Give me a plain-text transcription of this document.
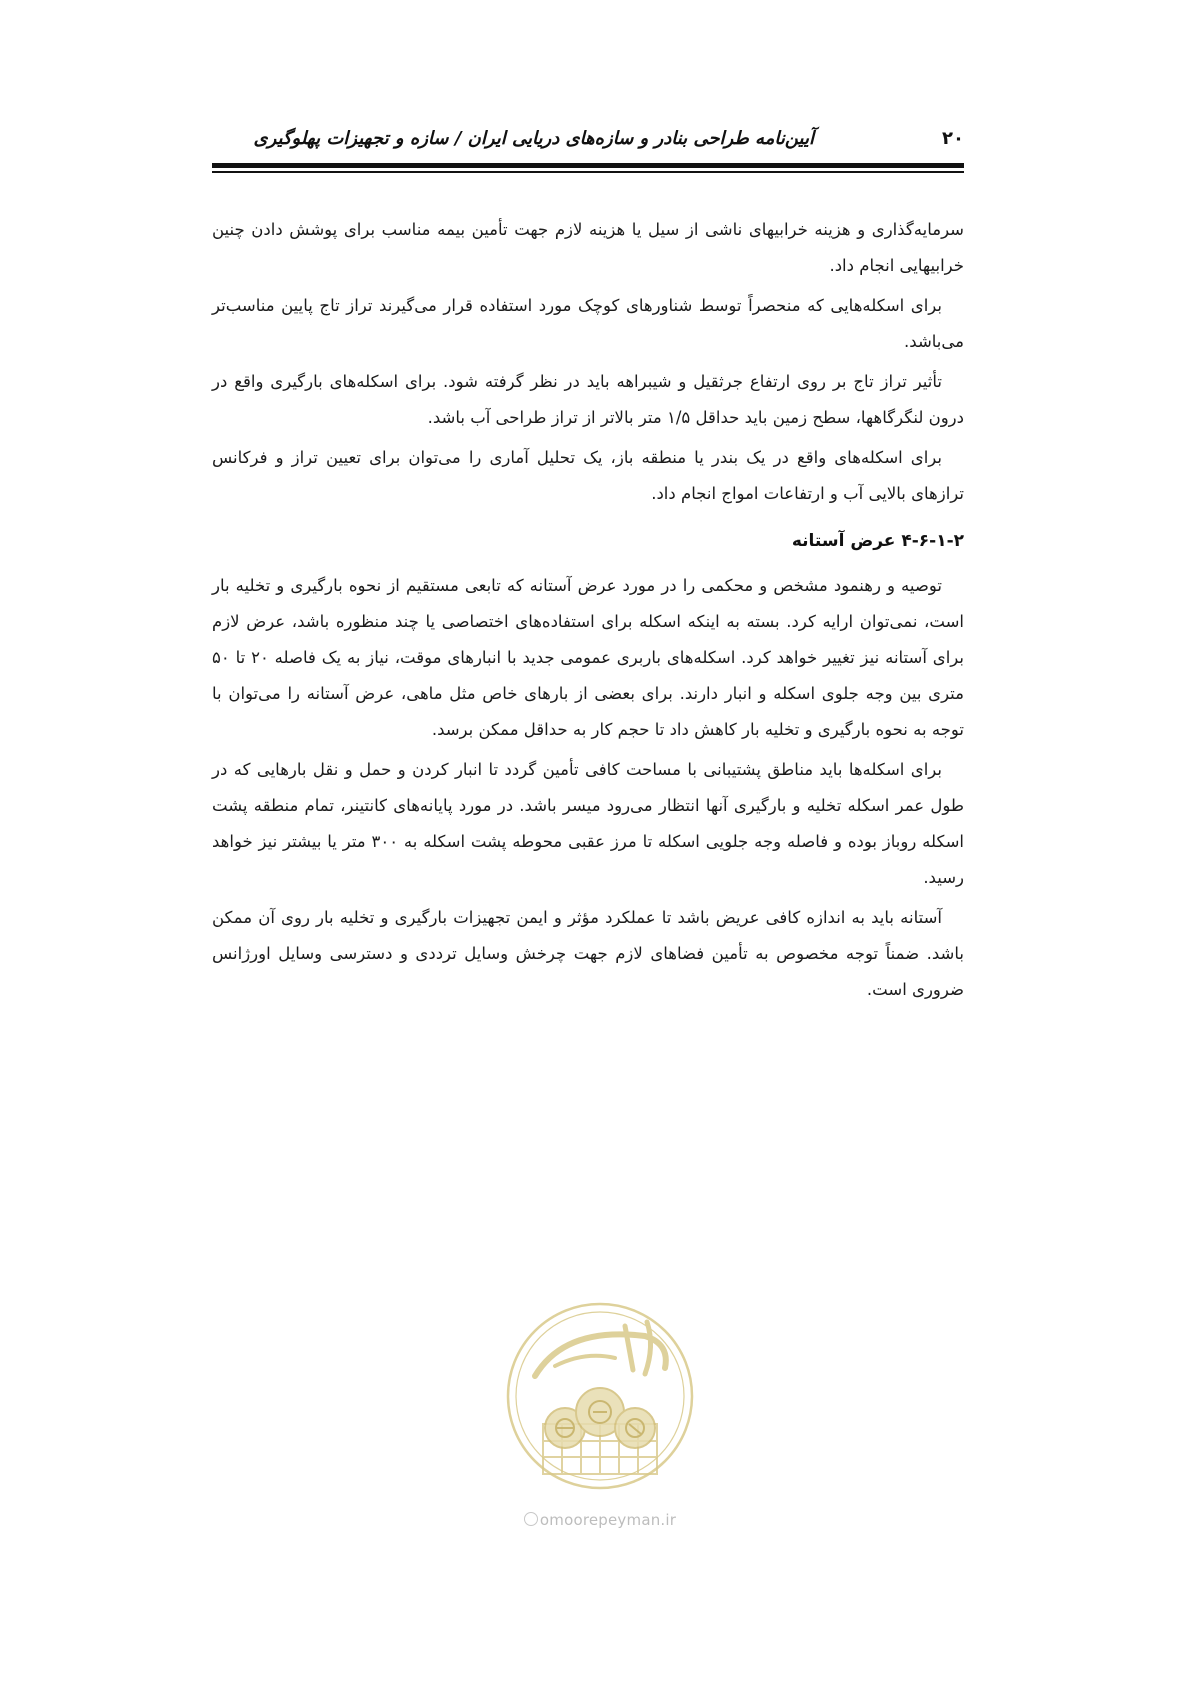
آیین‌نامه طراحی بنادر و سازه‌های دریایی ایران / سازه و تجهیزات پهلوگیری	۲۰

سرمایه‌گذاری و هزینه خرابیهای ناشی از سیل یا هزینه لازم جهت تأمین بیمه مناسب برای پوشش دادن چنین خرابیهایی انجام داد.

برای اسکله‌هایی که منحصراً توسط شناورهای کوچک مورد استفاده قرار می‌گیرند تراز تاج پایین مناسب‌تر می‌باشد.

تأثیر تراز تاج بر روی ارتفاع جرثقیل و شیبراهه باید در نظر گرفته شود. برای اسکله‌های بارگیری واقع در درون لنگرگاهها، سطح زمین باید حداقل ۱/۵ متر بالاتر از تراز طراحی آب باشد.

برای اسکله‌های واقع در یک بندر یا منطقه باز، یک تحلیل آماری را می‌توان برای تعیین تراز و فرکانس ترازهای بالایی آب و ارتفاعات امواج انجام داد.

۴-۶-۱-۲ عرض آستانه

توصیه و رهنمود مشخص و محکمی را در مورد عرض آستانه که تابعی مستقیم از نحوه بارگیری و تخلیه بار است، نمی‌توان ارایه کرد. بسته به اینکه اسکله برای استفاده‌های اختصاصی یا چند منظوره باشد، عرض لازم برای آستانه نیز تغییر خواهد کرد. اسکله‌های باربری عمومی جدید با انبارهای موقت، نیاز به یک فاصله ۲۰ تا ۵۰ متری بین وجه جلوی اسکله و انبار دارند. برای بعضی از بارهای خاص مثل ماهی، عرض آستانه را می‌توان با توجه به نحوه بارگیری و تخلیه بار کاهش داد تا حجم کار به حداقل ممکن برسد.

برای اسکله‌ها باید مناطق پشتیبانی با مساحت کافی تأمین گردد تا انبار کردن و حمل و نقل بارهایی که در طول عمر اسکله تخلیه و بارگیری آنها انتظار می‌رود میسر باشد. در مورد پایانه‌های کانتینر، تمام منطقه پشت اسکله روباز بوده و فاصله وجه جلویی اسکله تا مرز عقبی محوطه پشت اسکله به ۳۰۰ متر یا بیشتر نیز خواهد رسید.

آستانه باید به اندازه کافی عریض باشد تا عملکرد مؤثر و ایمن تجهیزات بارگیری و تخلیه بار روی آن ممکن باشد. ضمناً توجه مخصوص به تأمین فضاهای لازم جهت چرخش وسایل ترددی و دسترسی وسایل اورژانس ضروری است.

omoorepeyman.ir
